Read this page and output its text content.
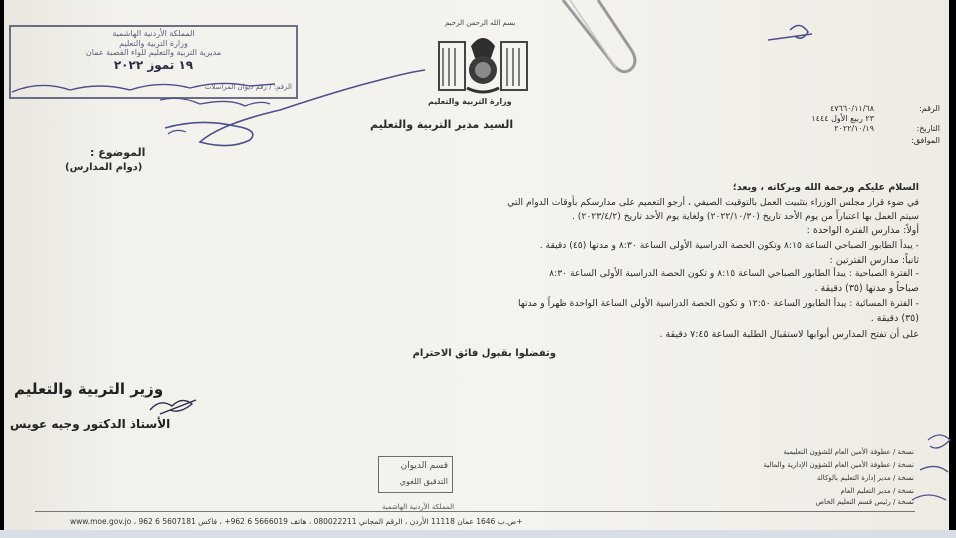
المملكة الأردنية الهاشمية
وزارة التربية والتعليم
مديرية التربية والتعليم للواء القصبة عمان
١٩ تموز ٢٠٢٢
الرقم: / رقم ديوان المراسلات
بسم الله الرحمن الرحيم
وزارة التربية والتعليم
الرقم:
٤٧٦٦٠/١١/٦٨
٢٣ ربيع الأول ١٤٤٤
التاريخ:
٢٠٢٢/١٠/١٩
الموافق:
السيد مدير التربية والتعليم
الموضوع :
(دوام المدارس)
السلام عليكم ورحمة الله وبركاته ، وبعد؛
في ضوء قرار مجلس الوزراء بتثبيت العمل بالتوقيت الصيفي ، أرجو التعميم على مدارسكم بأوقات الدوام التي
سيتم العمل بها اعتباراً من يوم الأحد تاريخ (٢٠٢٢/١٠/٣٠) ولغاية يوم الأحد تاريخ (٢٠٢٣/٤/٢) .
أولاً: مدارس الفترة الواحدة :
- يبدأ الطابور الصباحي الساعة ٨:١٥ وتكون الحصة الدراسية الأولى الساعة ٨:٣٠ و مدتها (٤٥) دقيقة .
ثانياً: مدارس الفترتين :
- الفترة الصباحية : يبدأ الطابور الصباحي الساعة ٨:١٥ و تكون الحصة الدراسية الأولى الساعة ٨:٣٠
صباحاً و مدتها (٣٥) دقيقة .
- الفترة المسائية : يبدأ الطابور الساعة ١٢:٥٠ و تكون الحصة الدراسية الأولى الساعة الواحدة ظهراً و مدتها
(٣٥) دقيقة .
على أن تفتح المدارس أبوابها لاستقبال الطلبة الساعة ٧:٤٥ دقيقة .
وتفضلوا بقبول فائق الاحترام
وزير التربية والتعليم
الأستاذ الدكتور وجيه عويس
قسم الديوان
التدقيق اللغوي
نسخة / عطوفة الأمين العام للشؤون التعليمية
نسخة / عطوفة الأمين العام للشؤون الإدارية والمالية
نسخة / مدير إدارة التعليم بالوكالة
نسخة / مدير التعليم العام
نسخة / رئيس قسم التعليم الخاص
المملكة الأردنية الهاشمية
www.moe.gov.jo ، ص.ب 1646 عمان 11118 الأردن ، الرقم المجاني 080022211 ، هاتف 5666019 6 962+ ، فاكس 5607181 6 962+
